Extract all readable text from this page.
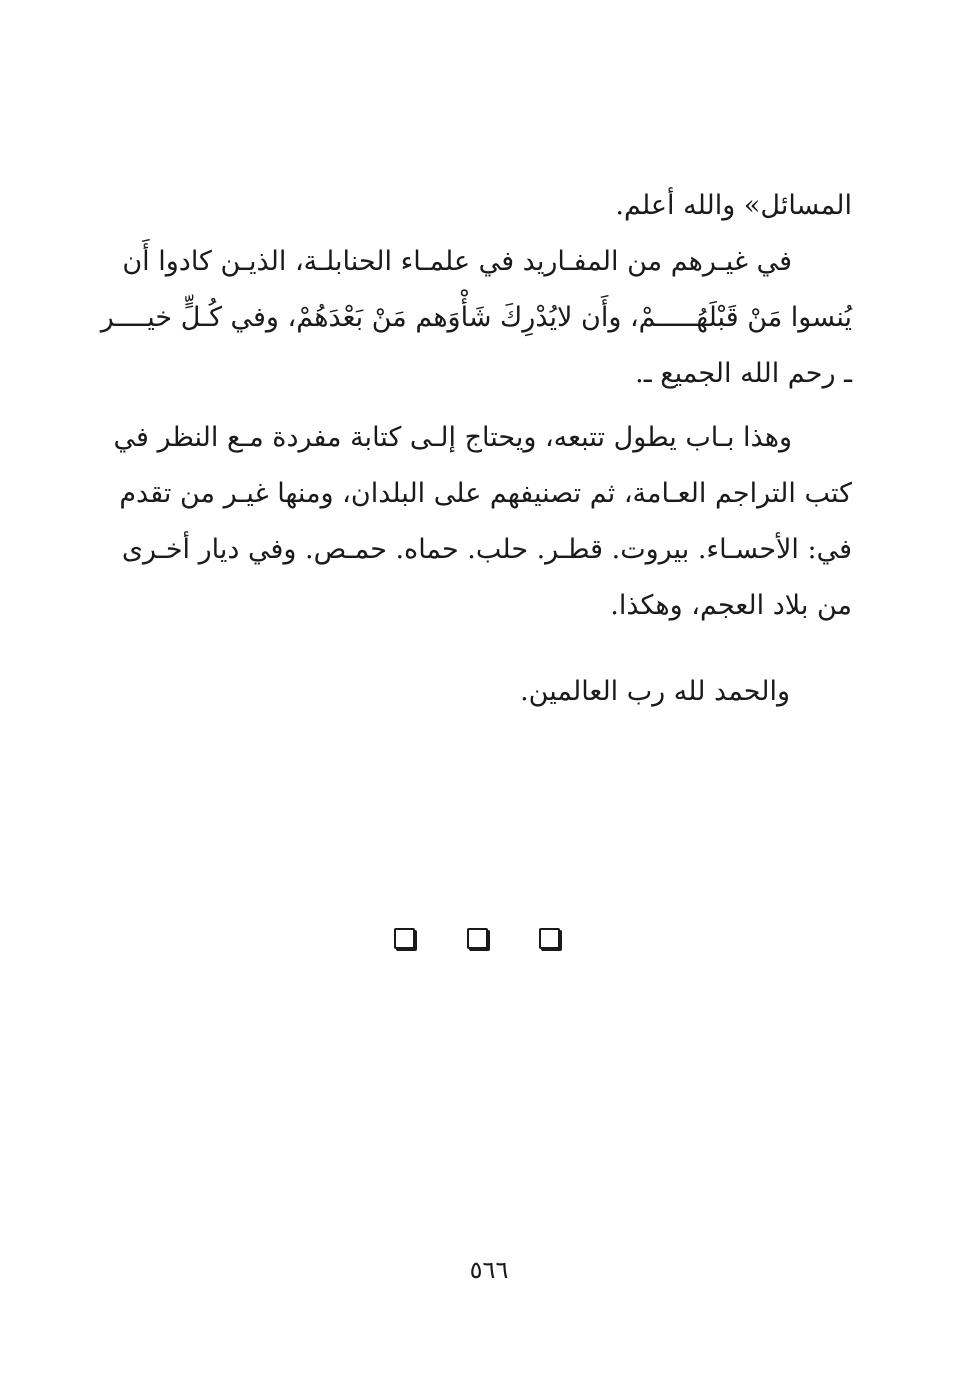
المسائل» والله أعلم.
في غيـرهم من المفـاريد في علمـاء الحنابلـة، الذيـن كادوا أَن
يُنسوا مَنْ قَبْلَهُـــــمْ، وأَن لايُدْرِكَ شَأْوَهم مَنْ بَعْدَهُمْ، وفي كُـلٍّ خيــــر
ـ رحم الله الجميع ـ.
وهذا بـاب يطول تتبعه، ويحتاج إلـى كتابة مفردة مـع النظر في
كتب التراجم العـامة، ثم تصنيفهم على البلدان، ومنها غيـر من تقدم
في: الأحسـاء. بيروت. قطـر. حلب. حماه. حمـص. وفي ديار أخـرى
من بلاد العجم، وهكذا.
والحمد لله رب العالمين.
٥٦٦
